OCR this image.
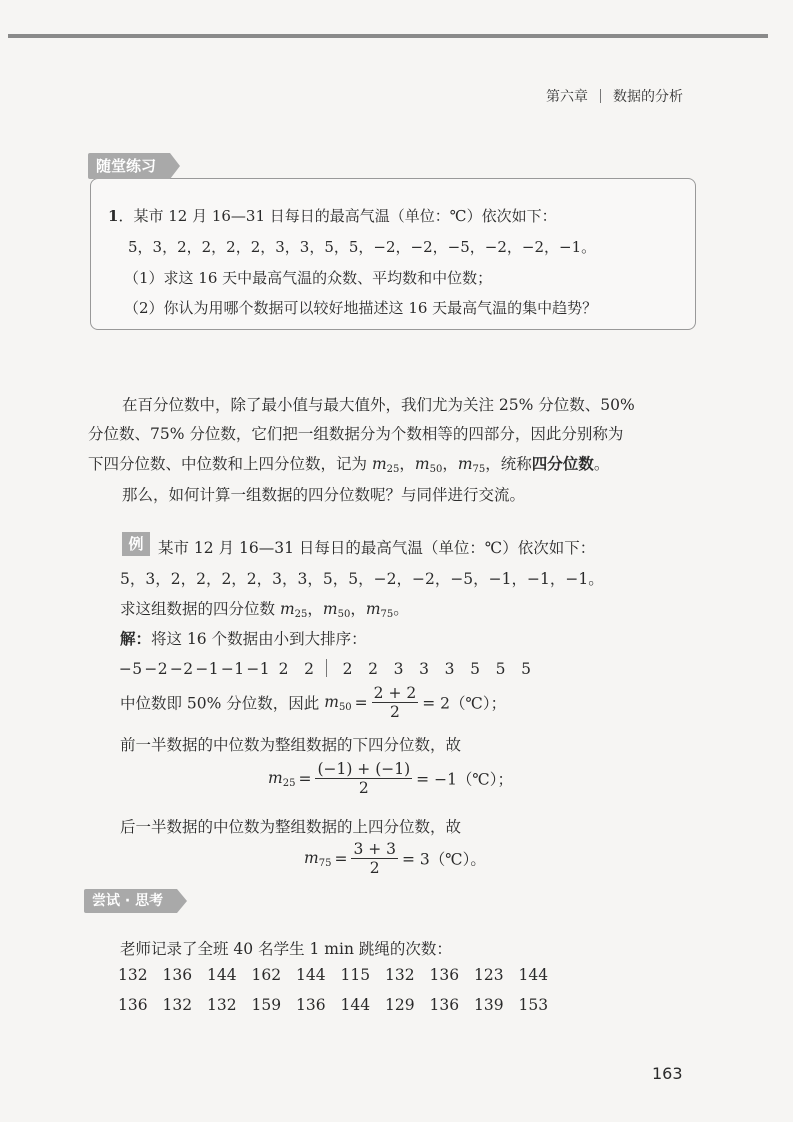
第六章 数据的分析
随堂练习
1．某市 12 月 16—31 日每日的最高气温（单位：℃）依次如下：
5，3，2，2，2，2，3，3，5，5，−2，−2，−5，−2，−2，−1。
（1）求这 16 天中最高气温的众数、平均数和中位数；
（2）你认为用哪个数据可以较好地描述这 16 天最高气温的集中趋势？
在百分位数中，除了最小值与最大值外，我们尤为关注 25% 分位数、50%
分位数、75% 分位数，它们把一组数据分为个数相等的四部分，因此分别称为
下四分位数、中位数和上四分位数，记为 $m_{25}$，$m_{50}$，$m_{75}$，统称四分位数。
那么，如何计算一组数据的四分位数呢？与同伴进行交流。
例 某市 12 月 16—31 日每日的最高气温（单位：℃）依次如下：
5，3，2，2，2，2，3，3，5，5，−2，−2，−5，−1，−1，−1。
求这组数据的四分位数 $m_{25}$，$m_{50}$，$m_{75}$。
解：将这 16 个数据由小到大排序：
−5 −2 −2 −1 −1 −1 2 2 2 2 3 3 3 5 5 5
中位数即 50% 分位数，因此 $m_{50} = \frac{2 + 2}{2}$ = 2（℃）；
前一半数据的中位数为整组数据的下四分位数，故
$m_{25} = \frac{(-1) + (-1)}{2}$ = −1（℃）；
后一半数据的中位数为整组数据的上四分位数，故
$m_{75} = \frac{3 + 3}{2}$ = 3（℃）。
尝试 · 思考
老师记录了全班 40 名学生 1 min 跳绳的次数：
132 136 144 162 144 115 132 136 123 144
136 132 132 159 136 144 129 136 139 153
163
